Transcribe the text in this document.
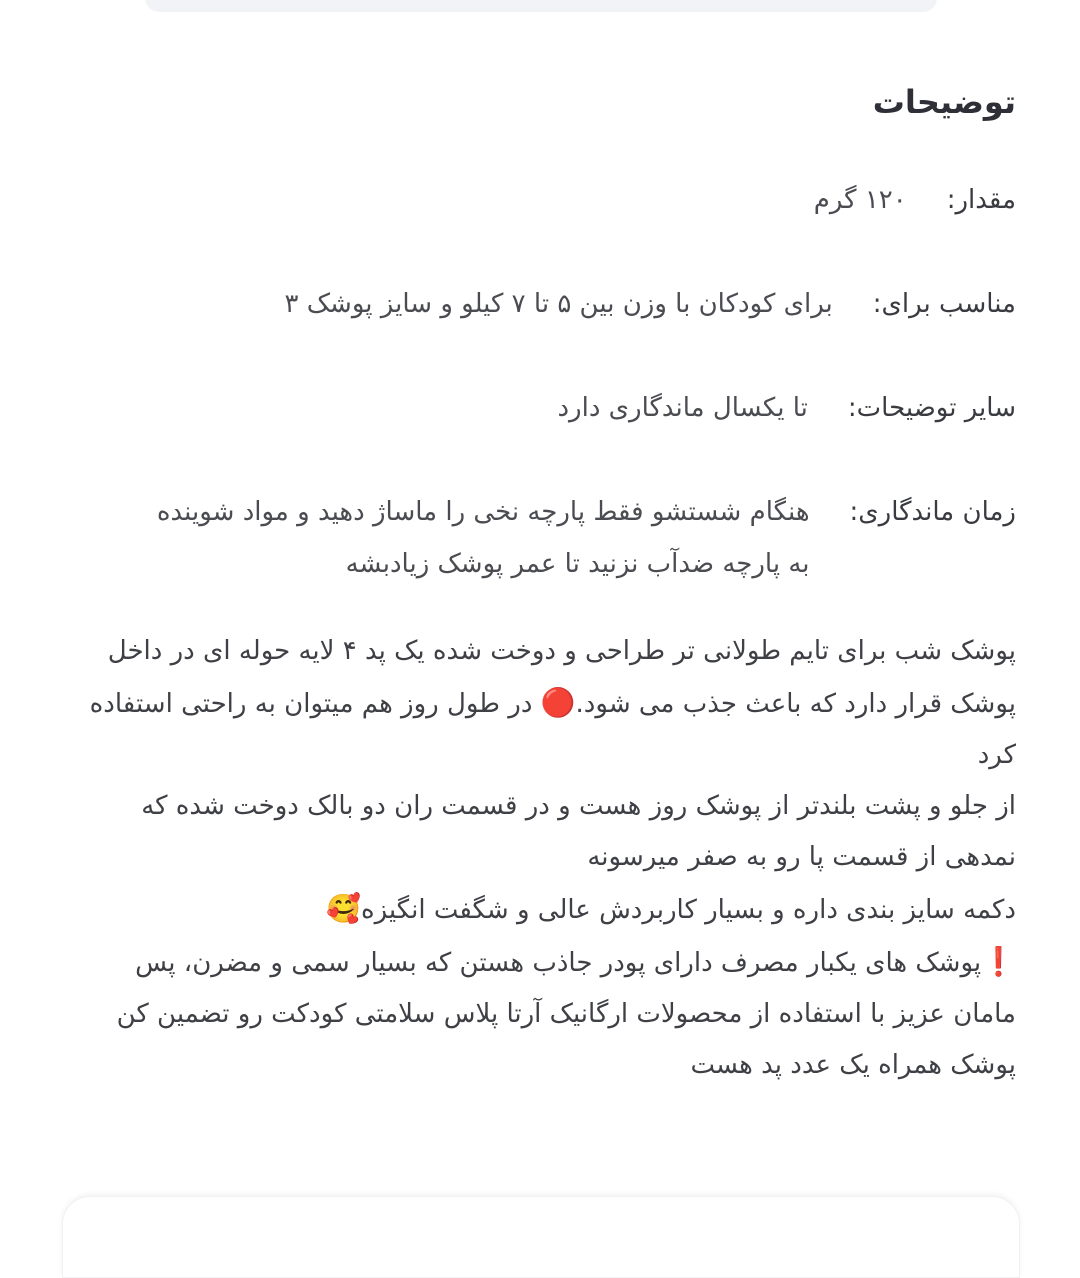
توضیحات
مقدار:
۱۲۰ گرم
مناسب برای:
برای کودکان با وزن بین ۵ تا ۷ کیلو و سایز پوشک ۳
سایر توضیحات:
تا یکسال ماندگاری دارد
زمان ماندگاری:
هنگام شستشو فقط پارچه نخی را ماساژ دهید و مواد شوینده به پارچه ضدآب نزنید تا عمر پوشک زیادبشه

پوشک شب برای تایم طولانی تر طراحی و دوخت شده یک پد ۴ لایه حوله ای در داخل پوشک قرار دارد که باعث جذب می شود.🔴 در طول روز هم میتوان به راحتی استفاده کرد

از جلو و پشت بلندتر از پوشک روز هست و در قسمت ران دو بالک دوخت شده که نمدهی از قسمت پا رو به صفر میرسونه

دکمه سایز بندی داره و بسیار کاربردش عالی و شگفت انگیزه🥰

❗پوشک های یکبار مصرف دارای پودر جاذب هستن که بسیار سمی و مضرن، پس مامان عزیز با استفاده از محصولات ارگانیک آرتا پلاس سلامتی کودکت رو تضمین کن

پوشک همراه یک عدد پد هست
